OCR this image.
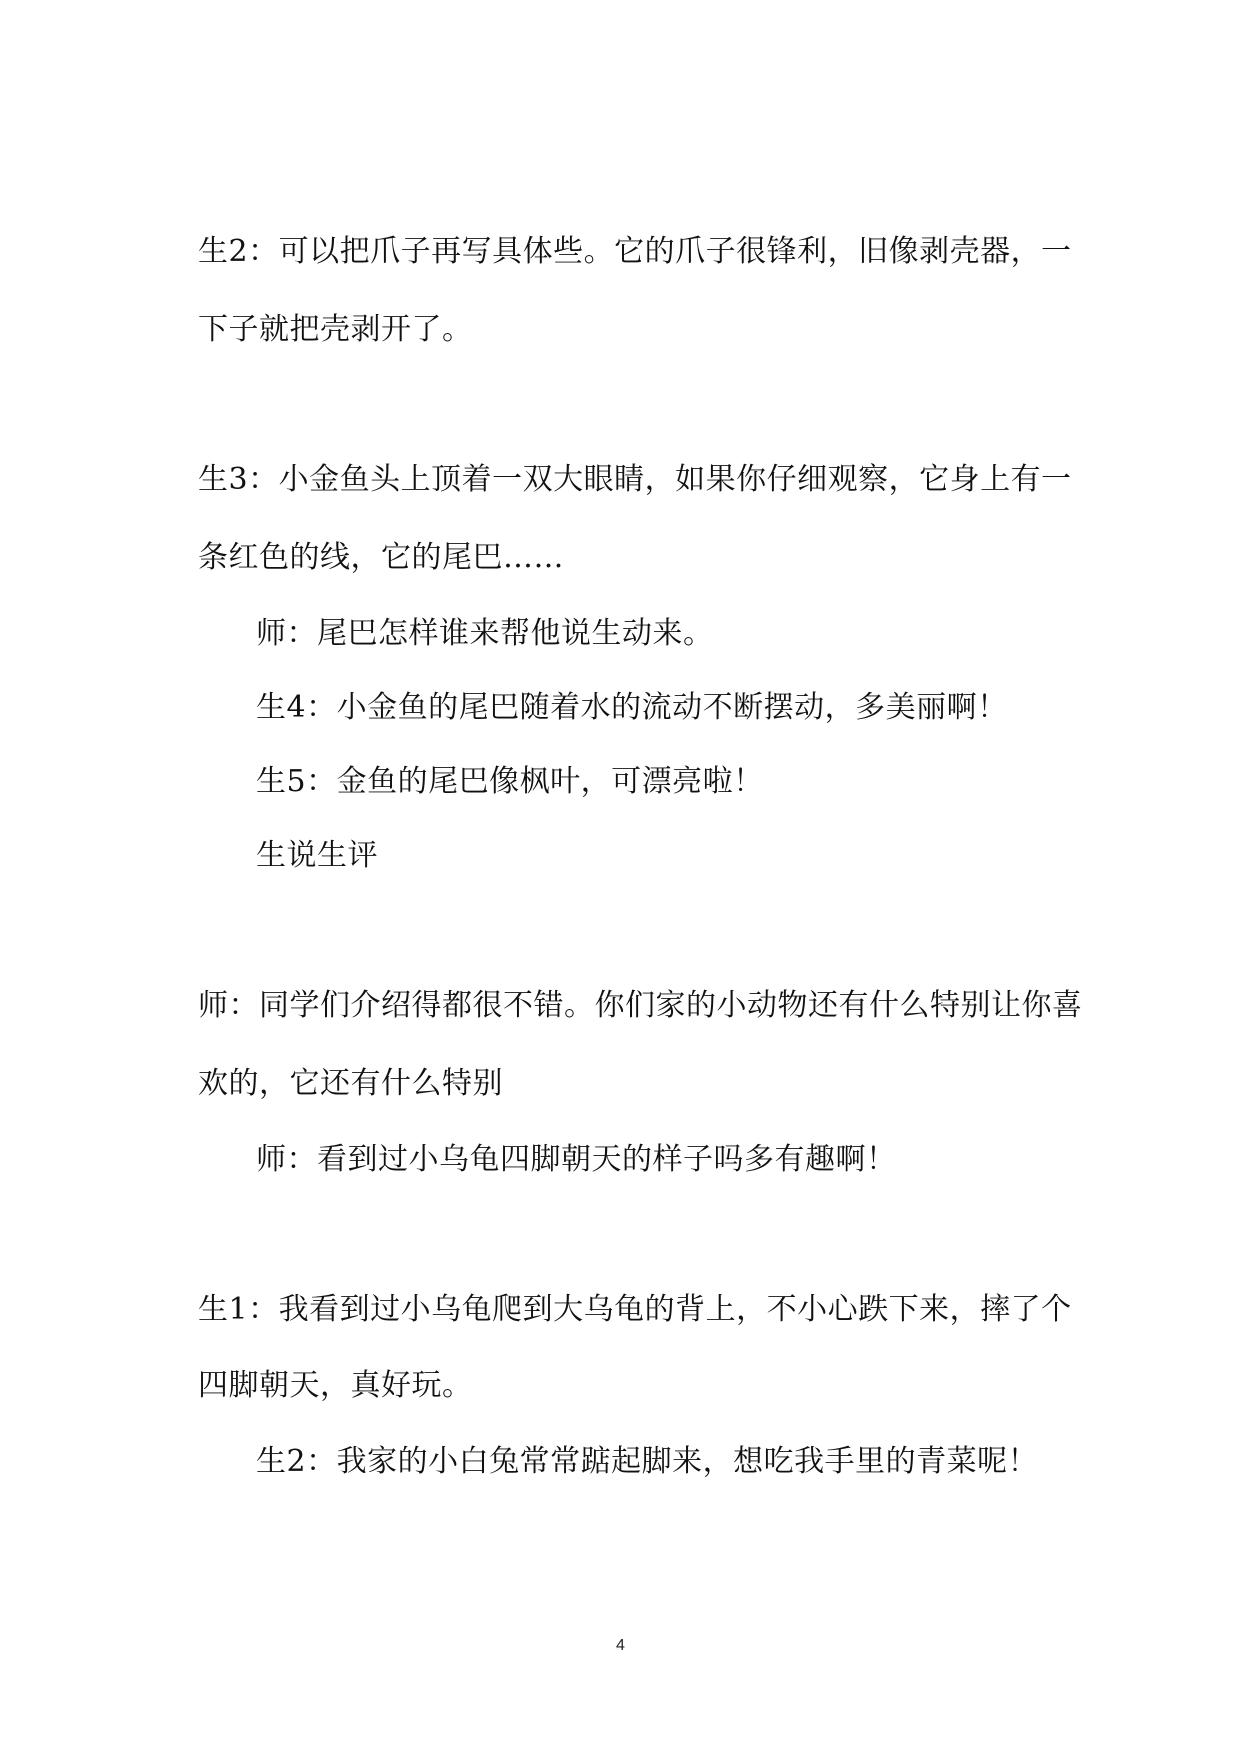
生2：可以把爪子再写具体些。它的爪子很锋利，旧像剥壳器，一
下子就把壳剥开了。
生3：小金鱼头上顶着一双大眼睛，如果你仔细观察，它身上有一
条红色的线，它的尾巴……
师：尾巴怎样谁来帮他说生动来。
生4：小金鱼的尾巴随着水的流动不断摆动，多美丽啊！
生5：金鱼的尾巴像枫叶，可漂亮啦！
生说生评
师：同学们介绍得都很不错。你们家的小动物还有什么特别让你喜
欢的，它还有什么特别
师：看到过小乌龟四脚朝天的样子吗多有趣啊！
生1：我看到过小乌龟爬到大乌龟的背上，不小心跌下来，摔了个
四脚朝天，真好玩。
生2：我家的小白兔常常踮起脚来，想吃我手里的青菜呢！
4
